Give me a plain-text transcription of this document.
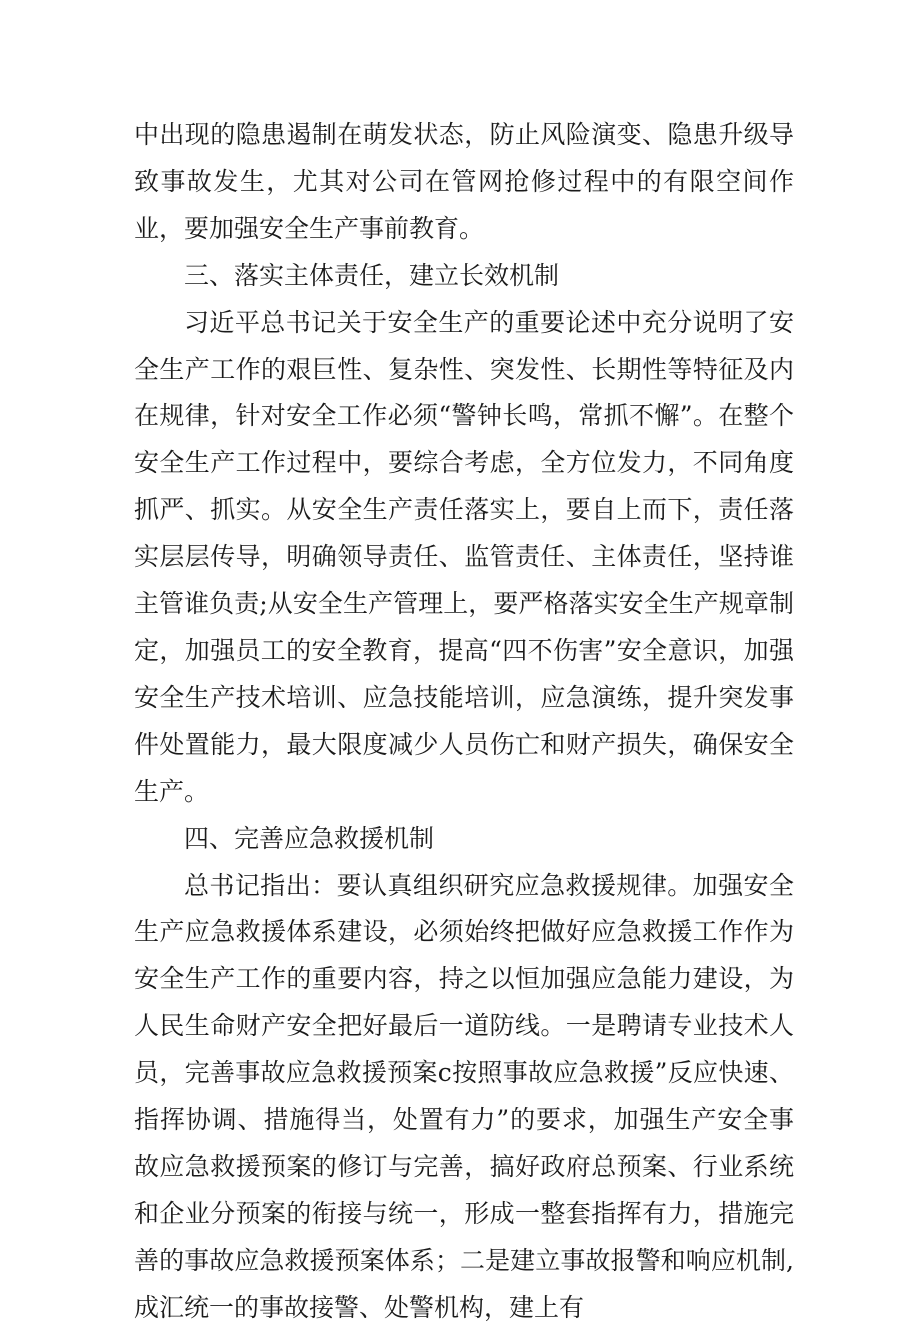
中出现的隐患遏制在萌发状态，防止风险演变、隐患升级导致事故发生，尤其对公司在管网抢修过程中的有限空间作业，要加强安全生产事前教育。

三、落实主体责任，建立长效机制

习近平总书记关于安全生产的重要论述中充分说明了安全生产工作的艰巨性、复杂性、突发性、长期性等特征及内在规律，针对安全工作必须“警钟长鸣，常抓不懈”。在整个安全生产工作过程中，要综合考虑，全方位发力，不同角度抓严、抓实。从安全生产责任落实上，要自上而下，责任落实层层传导，明确领导责任、监管责任、主体责任，坚持谁主管谁负责;从安全生产管理上，要严格落实安全生产规章制定，加强员工的安全教育，提高“四不伤害”安全意识，加强安全生产技术培训、应急技能培训，应急演练，提升突发事件处置能力，最大限度减少人员伤亡和财产损失，确保安全生产。

四、完善应急救援机制

总书记指出：要认真组织研究应急救援规律。加强安全生产应急救援体系建设，必须始终把做好应急救援工作作为安全生产工作的重要内容，持之以恒加强应急能力建设，为人民生命财产安全把好最后一道防线。一是聘请专业技术人员，完善事故应急救援预案c按照事故应急救援”反应快速、指挥协调、措施得当，处置有力”的要求，加强生产安全事故应急救援预案的修订与完善，搞好政府总预案、行业系统和企业分预案的衔接与统一，形成一整套指挥有力，措施完善的事故应急救援预案体系；二是建立事故报警和响应机制,成汇统一的事故接警、处警机构，建上有
